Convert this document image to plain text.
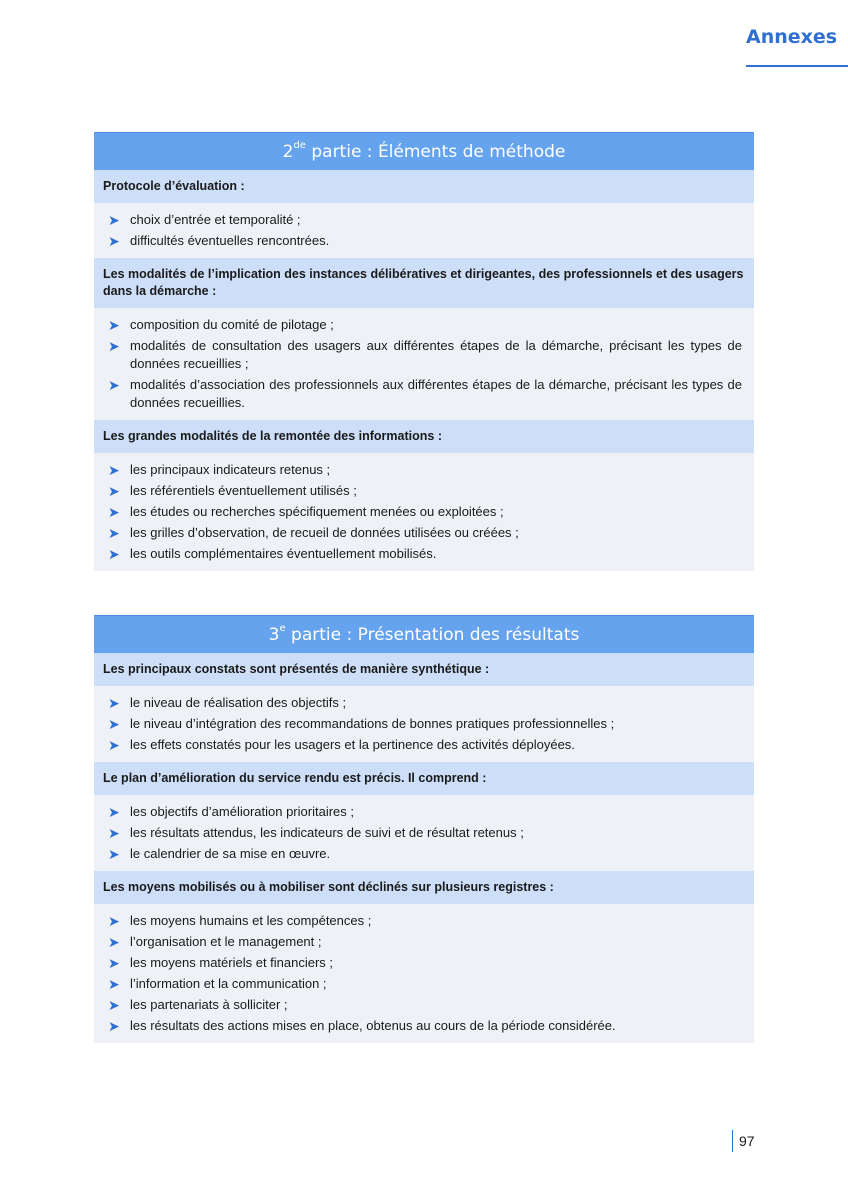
Annexes
2de
partie : Éléments de méthode
Protocole d’évaluation :
➤ choix d’entrée et temporalité ;
➤ difficultés éventuelles rencontrées.
Les modalités de l’implication des instances délibératives et dirigeantes, des professionnels et des usagers dans la démarche :
➤ composition du comité de pilotage ;
➤ modalités de consultation des usagers aux différentes étapes de la démarche, précisant les types de données recueillies ;
➤ modalités d’association des professionnels aux différentes étapes de la démarche, précisant les types de données recueillies.
Les grandes modalités de la remontée des informations :
➤ les principaux indicateurs retenus ;
➤ les référentiels éventuellement utilisés ;
➤ les études ou recherches spécifiquement menées ou exploitées ;
➤ les grilles d’observation, de recueil de données utilisées ou créées ;
➤ les outils complémentaires éventuellement mobilisés.
3e
partie : Présentation des résultats
Les principaux constats sont présentés de manière synthétique :
➤ le niveau de réalisation des objectifs ;
➤ le niveau d’intégration des recommandations de bonnes pratiques professionnelles ;
➤ les effets constatés pour les usagers et la pertinence des activités déployées.
Le plan d’amélioration du service rendu est précis. Il comprend :
➤ les objectifs d’amélioration prioritaires ;
➤ les résultats attendus, les indicateurs de suivi et de résultat retenus ;
➤ le calendrier de sa mise en œuvre.
Les moyens mobilisés ou à mobiliser sont déclinés sur plusieurs registres :
➤ les moyens humains et les compétences ;
➤ l’organisation et le management ;
➤ les moyens matériels et financiers ;
➤ l’information et la communication ;
➤ les partenariats à solliciter ;
➤ les résultats des actions mises en place, obtenus au cours de la période considérée.
97
